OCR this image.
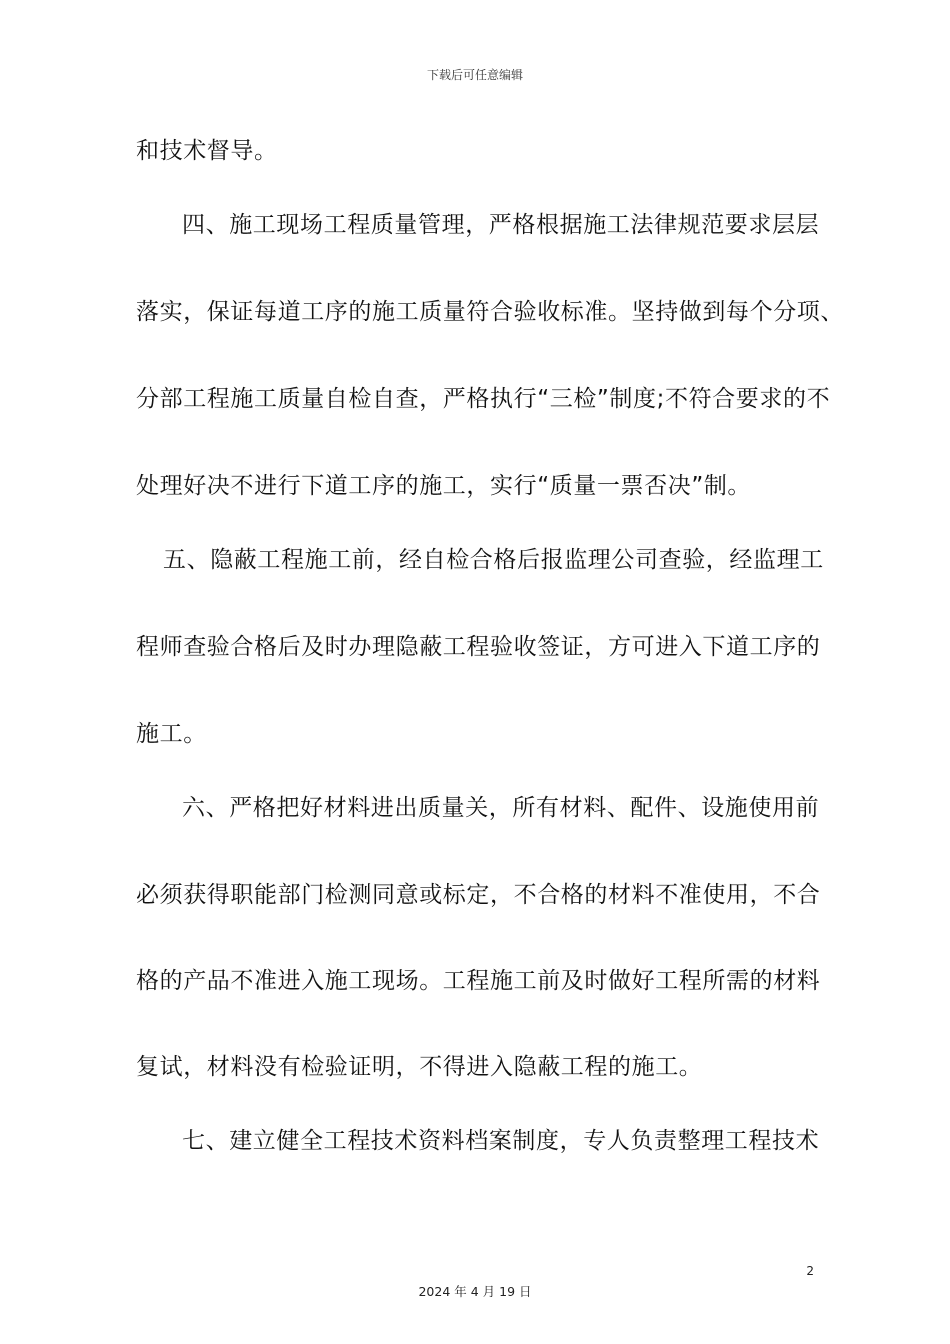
下载后可任意编辑
和技术督导。
四、施工现场工程质量管理，严格根据施工法律规范要求层层
落实，保证每道工序的施工质量符合验收标准。坚持做到每个分项、
分部工程施工质量自检自查，严格执行“三检”制度;不符合要求的不
处理好决不进行下道工序的施工，实行“质量一票否决”制。
五、隐蔽工程施工前，经自检合格后报监理公司查验，经监理工
程师查验合格后及时办理隐蔽工程验收签证，方可进入下道工序的
施工。
六、严格把好材料进出质量关，所有材料、配件、设施使用前
必须获得职能部门检测同意或标定，不合格的材料不准使用，不合
格的产品不准进入施工现场。工程施工前及时做好工程所需的材料
复试，材料没有检验证明，不得进入隐蔽工程的施工。
七、建立健全工程技术资料档案制度，专人负责整理工程技术
2
2024 年 4 月 19 日
